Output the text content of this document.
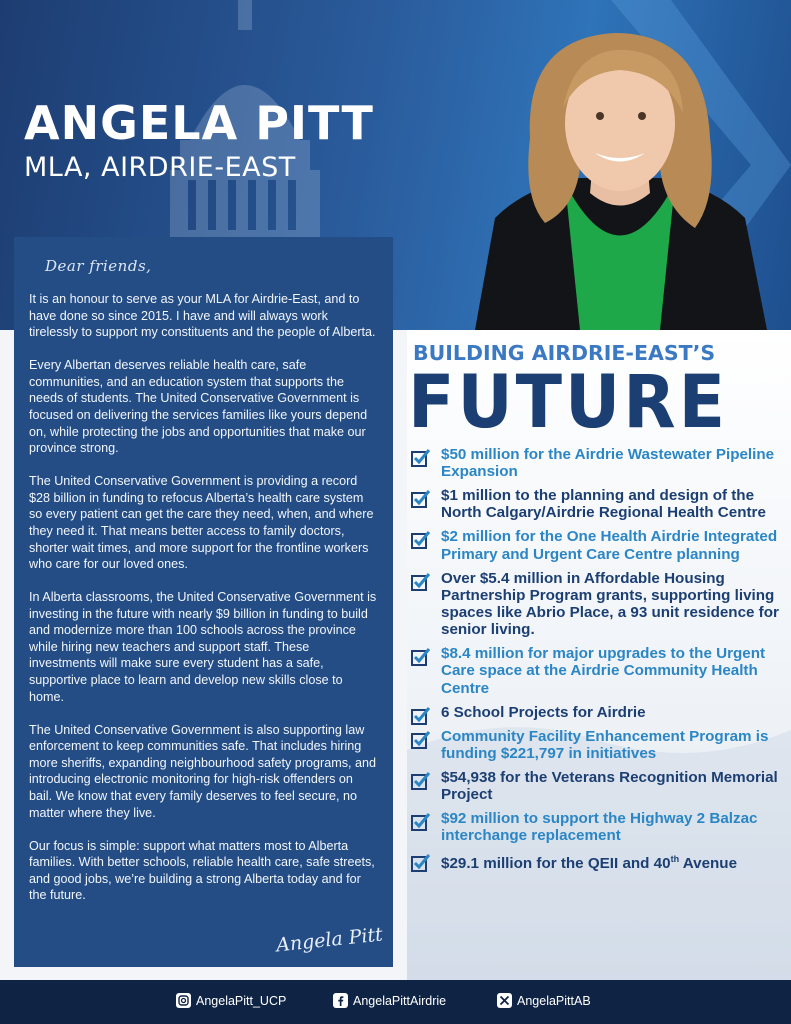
ANGELA PITT
MLA, AIRDRIE-EAST
Dear friends,

It is an honour to serve as your MLA for Airdrie-East, and to have done so since 2015. I have and will always work tirelessly to support my constituents and the people of Alberta.

Every Albertan deserves reliable health care, safe communities, and an education system that supports the needs of students. The United Conservative Government is focused on delivering the services families like yours depend on, while protecting the jobs and opportunities that make our province strong.

The United Conservative Government is providing a record $28 billion in funding to refocus Alberta’s health care system so every patient can get the care they need, when, and where they need it. That means better access to family doctors, shorter wait times, and more support for the frontline workers who care for our loved ones.

In Alberta classrooms, the United Conservative Government is investing in the future with nearly $9 billion in funding to build and modernize more than 100 schools across the province while hiring new teachers and support staff. These investments will make sure every student has a safe, supportive place to learn and develop new skills close to home.

The United Conservative Government is also supporting law enforcement to keep communities safe. That includes hiring more sheriffs, expanding neighbourhood safety programs, and introducing electronic monitoring for high-risk offenders on bail. We know that every family deserves to feel secure, no matter where they live.

Our focus is simple: support what matters most to Alberta families. With better schools, reliable health care, safe streets, and good jobs, we’re building a strong Alberta today and for the future.

Angela Pitt
BUILDING AIRDRIE-EAST’S
FUTURE
$50 million for the Airdrie Wastewater Pipeline Expansion
$1 million to the planning and design of the North Calgary/Airdrie Regional Health Centre
$2 million for the One Health Airdrie Integrated Primary and Urgent Care Centre planning
Over $5.4 million in Affordable Housing Partnership Program grants, supporting living spaces like Abrio Place, a 93 unit residence for senior living.
$8.4 million for major upgrades to the Urgent Care space at the Airdrie Community Health Centre
6 School Projects for Airdrie
Community Facility Enhancement Program is funding $221,797 in initiatives
$54,938 for the Veterans Recognition Memorial Project
$92 million to support the Highway 2 Balzac interchange replacement
$29.1 million for the QEII and 40th Avenue
AngelaPitt_UCP	AngelaPittAirdrie	AngelaPittAB
